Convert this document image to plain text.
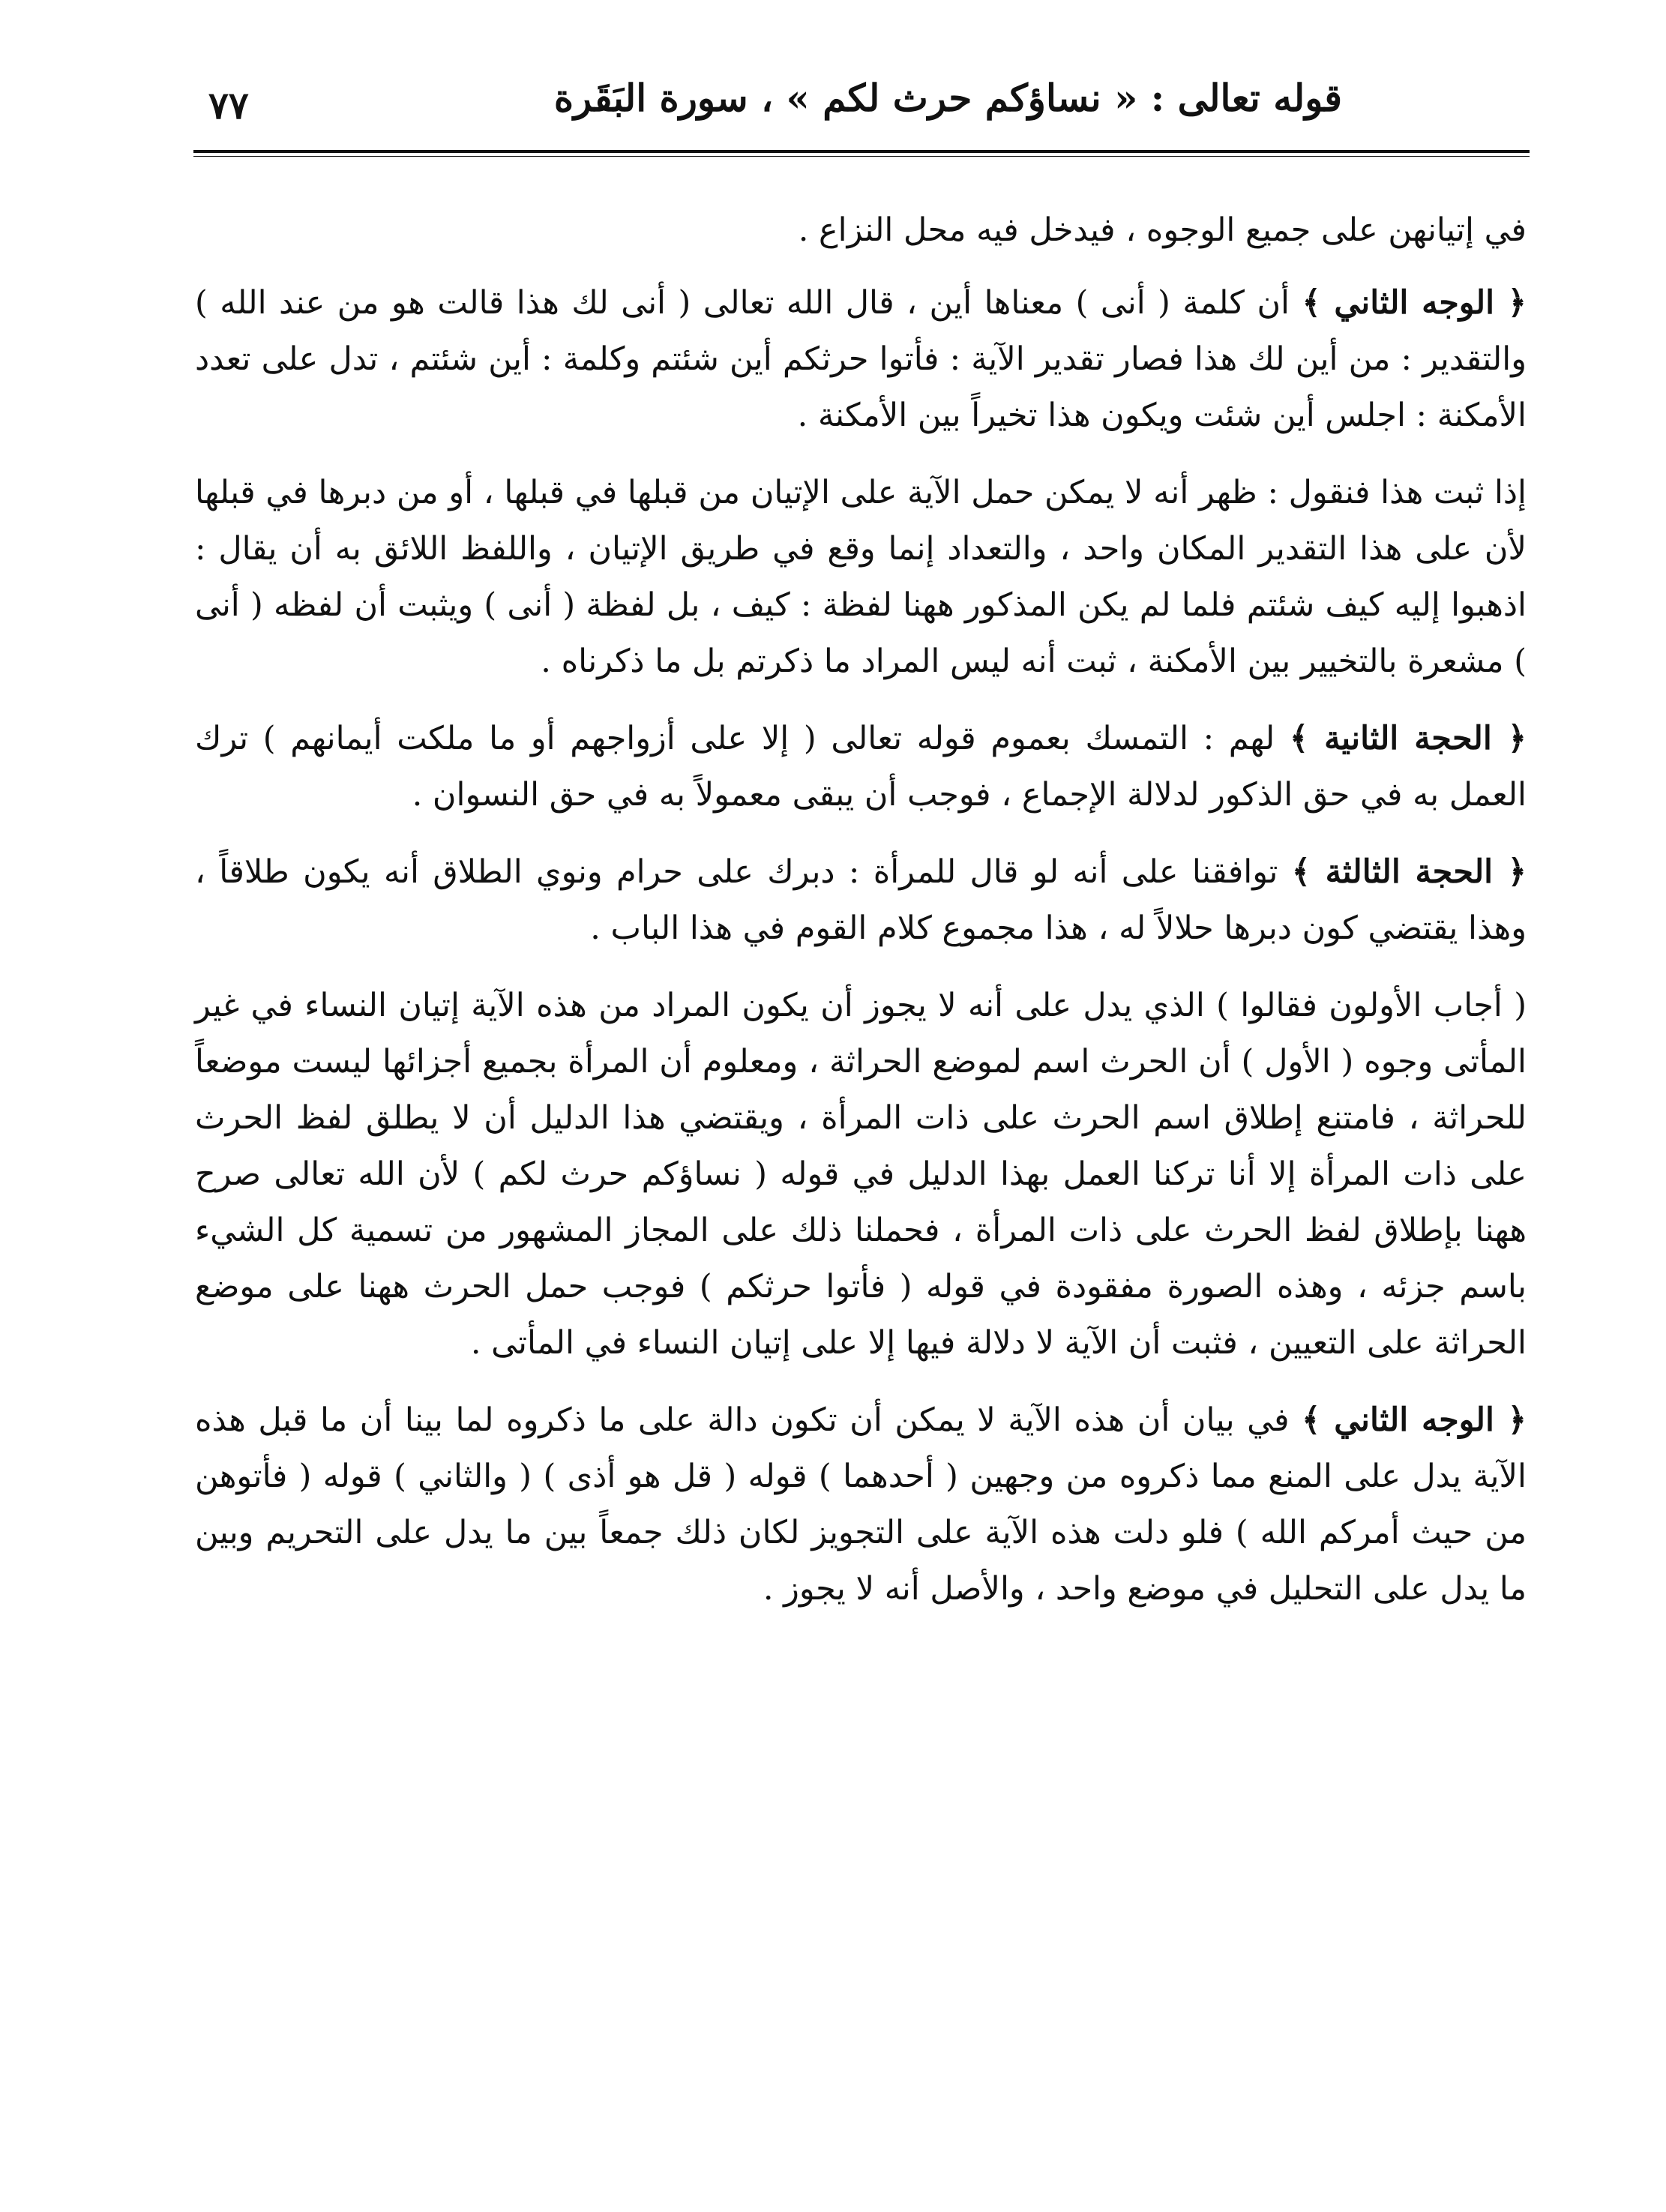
قوله تعالى : « نساؤكم حرث لكم » ، سورة البَقَرة
٧٧

في إتيانهن على جميع الوجوه ، فيدخل فيه محل النزاع .

﴿ الوجه الثاني ﴾ أن كلمة ( أنى ) معناها أين ، قال الله تعالى ( أنى لك هذا قالت هو من عند الله ) والتقدير : من أين لك هذا فصار تقدير الآية : فأتوا حرثكم أين شئتم وكلمة : أين شئتم ، تدل على تعدد الأمكنة : اجلس أين شئت ويكون هذا تخيراً بين الأمكنة .

إذا ثبت هذا فنقول : ظهر أنه لا يمكن حمل الآية على الإتيان من قبلها في قبلها ، أو من دبرها في قبلها لأن على هذا التقدير المكان واحد ، والتعداد إنما وقع في طريق الإتيان ، واللفظ اللائق به أن يقال : اذهبوا إليه كيف شئتم فلما لم يكن المذكور ههنا لفظة : كيف ، بل لفظة ( أنى ) ويثبت أن لفظه ( أنى ) مشعرة بالتخيير بين الأمكنة ، ثبت أنه ليس المراد ما ذكرتم بل ما ذكرناه .

﴿ الحجة الثانية ﴾ لهم : التمسك بعموم قوله تعالى ( إلا على أزواجهم أو ما ملكت أيمانهم ) ترك العمل به في حق الذكور لدلالة الإجماع ، فوجب أن يبقى معمولاً به في حق النسوان .

﴿ الحجة الثالثة ﴾ توافقنا على أنه لو قال للمرأة : دبرك على حرام ونوي الطلاق أنه يكون طلاقاً ، وهذا يقتضي كون دبرها حلالاً له ، هذا مجموع كلام القوم في هذا الباب .

( أجاب الأولون فقالوا ) الذي يدل على أنه لا يجوز أن يكون المراد من هذه الآية إتيان النساء في غير المأتى وجوه ( الأول ) أن الحرث اسم لموضع الحراثة ، ومعلوم أن المرأة بجميع أجزائها ليست موضعاً للحراثة ، فامتنع إطلاق اسم الحرث على ذات المرأة ، ويقتضي هذا الدليل أن لا يطلق لفظ الحرث على ذات المرأة إلا أنا تركنا العمل بهذا الدليل في قوله ( نساؤكم حرث لكم ) لأن الله تعالى صرح ههنا بإطلاق لفظ الحرث على ذات المرأة ، فحملنا ذلك على المجاز المشهور من تسمية كل الشيء باسم جزئه ، وهذه الصورة مفقودة في قوله ( فأتوا حرثكم ) فوجب حمل الحرث ههنا على موضع الحراثة على التعيين ، فثبت أن الآية لا دلالة فيها إلا على إتيان النساء في المأتى .

﴿ الوجه الثاني ﴾ في بيان أن هذه الآية لا يمكن أن تكون دالة على ما ذكروه لما بينا أن ما قبل هذه الآية يدل على المنع مما ذكروه من وجهين ( أحدهما ) قوله ( قل هو أذى ) ( والثاني ) قوله ( فأتوهن من حيث أمركم الله ) فلو دلت هذه الآية على التجويز لكان ذلك جمعاً بين ما يدل على التحريم وبين ما يدل على التحليل في موضع واحد ، والأصل أنه لا يجوز .
